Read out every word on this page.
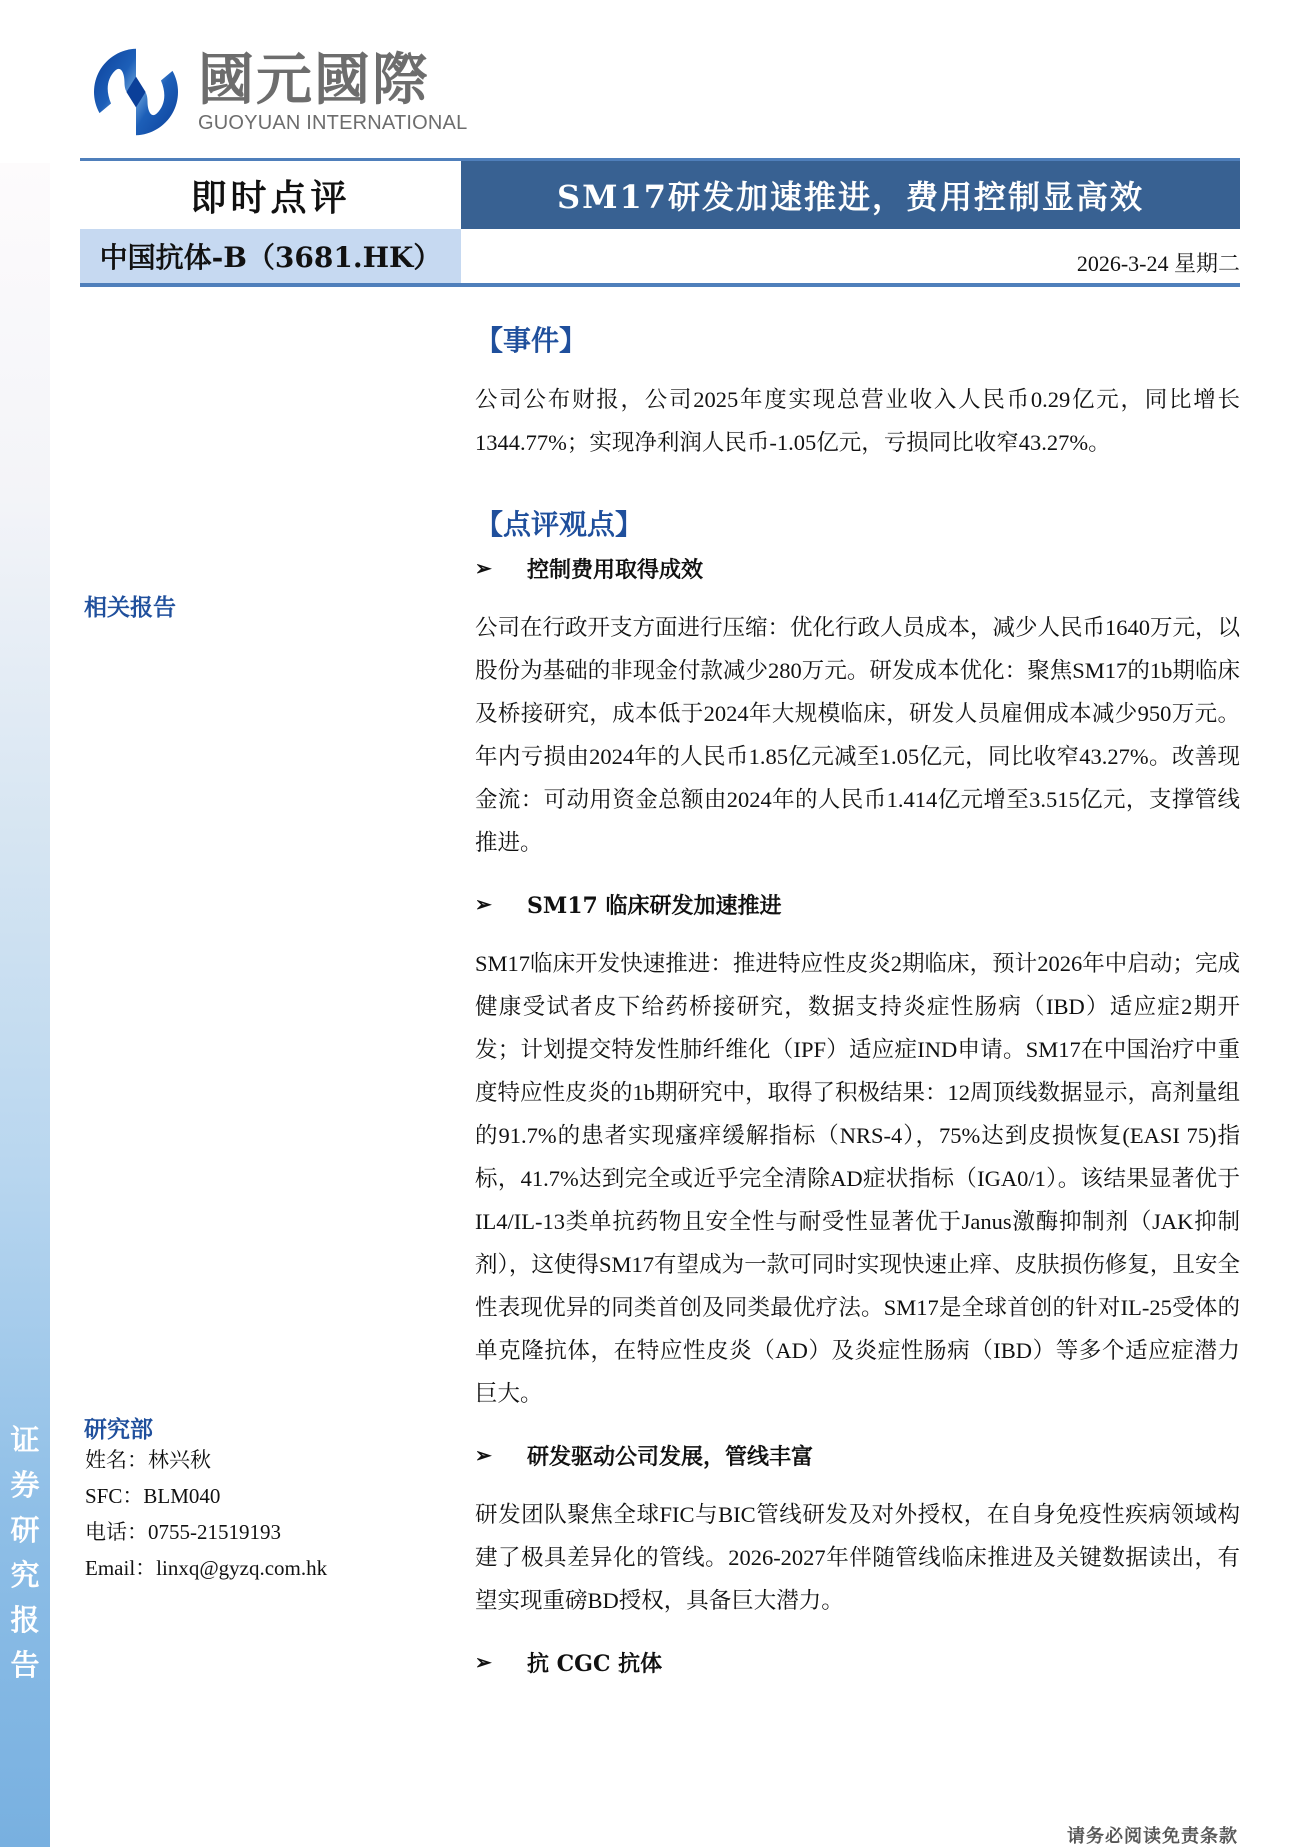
证
券
研
究
报
告
國元國際
GUOYUAN INTERNATIONAL
即时点评	SM17研发加速推进，费用控制显高效
中国抗体-B（3681.HK）	2026-3-24 星期二
相关报告
研究部
姓名：林兴秋
SFC：BLM040
电话：0755-21519193
Email：linxq@gyzq.com.hk
【事件】

公司公布财报，公司2025年度实现总营业收入人民币0.29亿元，同比增长1344.77%；实现净利润人民币-1.05亿元，亏损同比收窄43.27%。

【点评观点】
➢	控制费用取得成效

公司在行政开支方面进行压缩：优化行政人员成本，减少人民币1640万元，以股份为基础的非现金付款减少280万元。研发成本优化：聚焦SM17的1b期临床及桥接研究，成本低于2024年大规模临床，研发人员雇佣成本减少950万元。年内亏损由2024年的人民币1.85亿元减至1.05亿元，同比收窄43.27%。改善现金流：可动用资金总额由2024年的人民币1.414亿元增至3.515亿元，支撑管线推进。

➢	SM17 临床研发加速推进

SM17临床开发快速推进：推进特应性皮炎2期临床，预计2026年中启动；完成健康受试者皮下给药桥接研究，数据支持炎症性肠病（IBD）适应症2期开发；计划提交特发性肺纤维化（IPF）适应症IND申请。SM17在中国治疗中重度特应性皮炎的1b期研究中，取得了积极结果：12周顶线数据显示，高剂量组的91.7%的患者实现瘙痒缓解指标（NRS-4），75%达到皮损恢复(EASI 75)指标，41.7%达到完全或近乎完全清除AD症状指标（IGA0/1）。该结果显著优于IL4/IL-13类单抗药物且安全性与耐受性显著优于Janus激酶抑制剂（JAK抑制剂），这使得SM17有望成为一款可同时实现快速止痒、皮肤损伤修复，且安全性表现优异的同类首创及同类最优疗法。SM17是全球首创的针对IL-25受体的单克隆抗体，在特应性皮炎（AD）及炎症性肠病（IBD）等多个适应症潜力巨大。

➢	研发驱动公司发展，管线丰富

研发团队聚焦全球FIC与BIC管线研发及对外授权，在自身免疫性疾病领域构建了极具差异化的管线。2026-2027年伴随管线临床推进及关键数据读出，有望实现重磅BD授权，具备巨大潜力。

➢	抗 CGC 抗体
请务必阅读免责条款
